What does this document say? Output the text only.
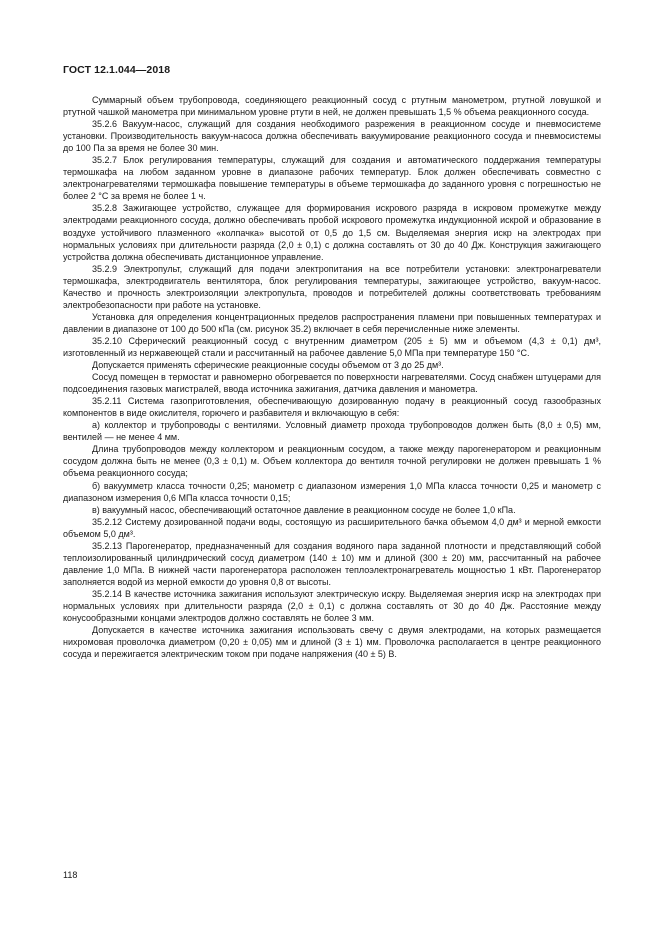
ГОСТ 12.1.044—2018

Суммарный объем трубопровода, соединяющего реакционный сосуд с ртутным манометром, ртутной ловушкой и ртутной чашкой манометра при минимальном уровне ртути в ней, не должен превышать 1,5 % объема реакционного сосуда.

35.2.6 Вакуум-насос, служащий для создания необходимого разрежения в реакционном сосуде и пневмосистеме установки. Производительность вакуум-насоса должна обеспечивать вакуумирование реакционного сосуда и пневмосистемы до 100 Па за время не более 30 мин.

35.2.7 Блок регулирования температуры, служащий для создания и автоматического поддержания температуры термошкафа на любом заданном уровне в диапазоне рабочих температур. Блок должен обеспечивать совместно с электронагревателями термошкафа повышение температуры в объеме термошкафа до заданного уровня с погрешностью не более 2 °С за время не более 1 ч.

35.2.8 Зажигающее устройство, служащее для формирования искрового разряда в искровом промежутке между электродами реакционного сосуда, должно обеспечивать пробой искрового промежутка индукционной искрой и образование в воздухе устойчивого плазменного «колпачка» высотой от 0,5 до 1,5 см. Выделяемая энергия искр на электродах при нормальных условиях при длительности разряда (2,0 ± 0,1) с должна составлять от 30 до 40 Дж. Конструкция зажигающего устройства должна обеспечивать дистанционное управление.

35.2.9 Электропульт, служащий для подачи электропитания на все потребители установки: электронагреватели термошкафа, электродвигатель вентилятора, блок регулирования температуры, зажигающее устройство, вакуум-насос. Качество и прочность электроизоляции электропульта, проводов и потребителей должны соответствовать требованиям электробезопасности при работе на установке.

Установка для определения концентрационных пределов распространения пламени при повышенных температурах и давлении в диапазоне от 100 до 500 кПа (см. рисунок 35.2) включает в себя перечисленные ниже элементы.

35.2.10 Сферический реакционный сосуд с внутренним диаметром (205 ± 5) мм и объемом (4,3 ± 0,1) дм³, изготовленный из нержавеющей стали и рассчитанный на рабочее давление 5,0 МПа при температуре 150 °С.

Допускается применять сферические реакционные сосуды объемом от 3 до 25 дм³.

Сосуд помещен в термостат и равномерно обогревается по поверхности нагревателями. Сосуд снабжен штуцерами для подсоединения газовых магистралей, ввода источника зажигания, датчика давления и манометра.

35.2.11 Система газоприготовления, обеспечивающую дозированную подачу в реакционный сосуд газообразных компонентов в виде окислителя, горючего и разбавителя и включающую в себя:

а) коллектор и трубопроводы с вентилями. Условный диаметр прохода трубопроводов должен быть (8,0 ± 0,5) мм, вентилей — не менее 4 мм.

Длина трубопроводов между коллектором и реакционным сосудом, а также между парогенератором и реакционным сосудом должна быть не менее (0,3 ± 0,1) м. Объем коллектора до вентиля точной регулировки не должен превышать 1 % объема реакционного сосуда;

б) вакуумметр класса точности 0,25; манометр с диапазоном измерения 1,0 МПа класса точности 0,25 и манометр с диапазоном измерения 0,6 МПа класса точности 0,15;

в) вакуумный насос, обеспечивающий остаточное давление в реакционном сосуде не более 1,0 кПа.

35.2.12 Систему дозированной подачи воды, состоящую из расширительного бачка объемом 4,0 дм³ и мерной емкости объемом 5,0 дм³.

35.2.13 Парогенератор, предназначенный для создания водяного пара заданной плотности и представляющий собой теплоизолированный цилиндрический сосуд диаметром (140 ± 10) мм и длиной (300 ± 20) мм, рассчитанный на рабочее давление 1,0 МПа. В нижней части парогенератора расположен теплоэлектронагреватель мощностью 1 кВт. Парогенератор заполняется водой из мерной емкости до уровня 0,8 от высоты.

35.2.14 В качестве источника зажигания используют электрическую искру. Выделяемая энергия искр на электродах при нормальных условиях при длительности разряда (2,0 ± 0,1) с должна составлять от 30 до 40 Дж. Расстояние между конусообразными концами электродов должно составлять не более 3 мм.

Допускается в качестве источника зажигания использовать свечу с двумя электродами, на которых размещается нихромовая проволочка диаметром (0,20 ± 0,05) мм и длиной (3 ± 1) мм. Проволочка располагается в центре реакционного сосуда и пережигается электрическим током при подаче напряжения (40 ± 5) В.

118
